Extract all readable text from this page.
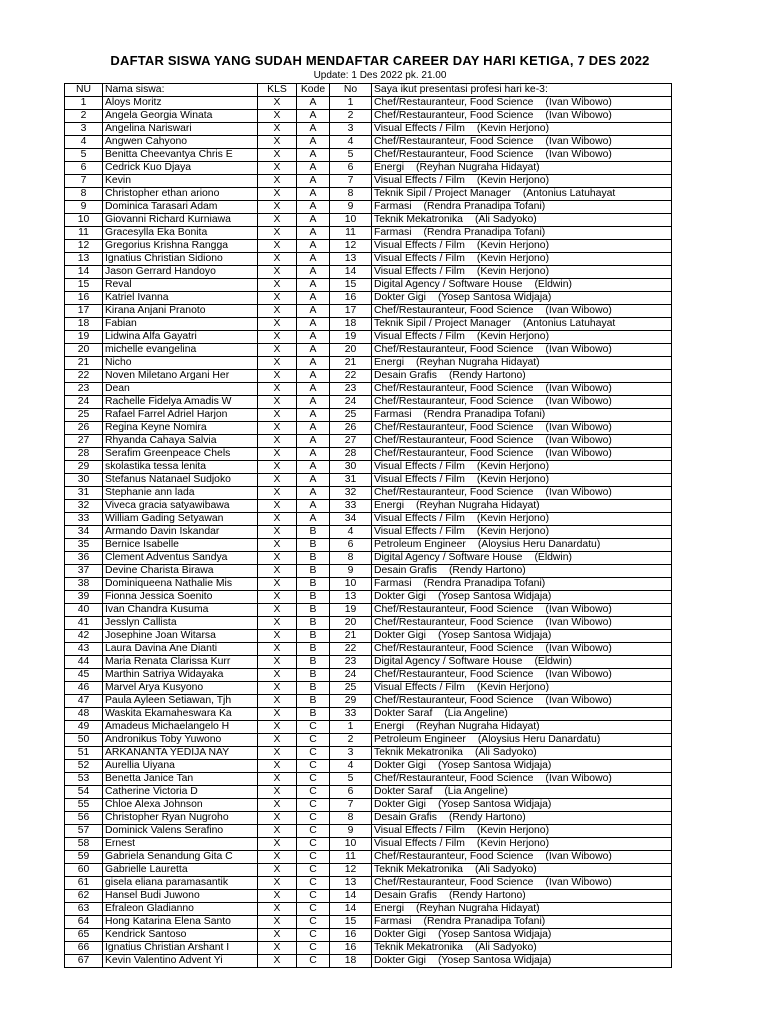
DAFTAR SISWA YANG SUDAH MENDAFTAR CAREER DAY HARI KETIGA, 7 DES 2022
Update: 1 Des 2022 pk. 21.00
NU	Nama siswa:	KLS	Kode	No	Saya ikut presentasi profesi hari ke-3:
1	Aloys Moritz	X	A	1	Chef/Restauranteur, Food Science (Ivan Wibowo)
2	Angela Georgia Winata	X	A	2	Chef/Restauranteur, Food Science (Ivan Wibowo)
3	Angelina Nariswari	X	A	3	Visual Effects / Film (Kevin Herjono)
4	Angwen Cahyono	X	A	4	Chef/Restauranteur, Food Science (Ivan Wibowo)
5	Benitta Cheevantya Chris E	X	A	5	Chef/Restauranteur, Food Science (Ivan Wibowo)
6	Cedrick Kuo Djaya	X	A	6	Energi (Reyhan Nugraha Hidayat)
7	Kevin	X	A	7	Visual Effects / Film (Kevin Herjono)
8	Christopher ethan ariono	X	A	8	Teknik Sipil / Project Manager (Antonius Latuhayat
9	Dominica Tarasari Adam	X	A	9	Farmasi (Rendra Pranadipa Tofani)
10	Giovanni Richard Kurniawa	X	A	10	Teknik Mekatronika (Ali Sadyoko)
11	Gracesylla Eka Bonita	X	A	11	Farmasi (Rendra Pranadipa Tofani)
12	Gregorius Krishna Rangga	X	A	12	Visual Effects / Film (Kevin Herjono)
13	Ignatius Christian Sidiono	X	A	13	Visual Effects / Film (Kevin Herjono)
14	Jason Gerrard Handoyo	X	A	14	Visual Effects / Film (Kevin Herjono)
15	Reval	X	A	15	Digital Agency / Software House (Eldwin)
16	Katriel Ivanna	X	A	16	Dokter Gigi (Yosep Santosa Widjaja)
17	Kirana Anjani Pranoto	X	A	17	Chef/Restauranteur, Food Science (Ivan Wibowo)
18	Fabian	X	A	18	Teknik Sipil / Project Manager (Antonius Latuhayat
19	Lidwina Alfa Gayatri	X	A	19	Visual Effects / Film (Kevin Herjono)
20	michelle evangelina	X	A	20	Chef/Restauranteur, Food Science (Ivan Wibowo)
21	Nicho	X	A	21	Energi (Reyhan Nugraha Hidayat)
22	Noven Miletano Argani Her	X	A	22	Desain Grafis (Rendy Hartono)
23	Dean	X	A	23	Chef/Restauranteur, Food Science (Ivan Wibowo)
24	Rachelle Fidelya Amadis W	X	A	24	Chef/Restauranteur, Food Science (Ivan Wibowo)
25	Rafael Farrel Adriel Harjon	X	A	25	Farmasi (Rendra Pranadipa Tofani)
26	Regina Keyne Nomira	X	A	26	Chef/Restauranteur, Food Science (Ivan Wibowo)
27	Rhyanda Cahaya Salvia	X	A	27	Chef/Restauranteur, Food Science (Ivan Wibowo)
28	Serafim Greenpeace Chels	X	A	28	Chef/Restauranteur, Food Science (Ivan Wibowo)
29	skolastika tessa lenita	X	A	30	Visual Effects / Film (Kevin Herjono)
30	Stefanus Natanael Sudjoko	X	A	31	Visual Effects / Film (Kevin Herjono)
31	Stephanie ann lada	X	A	32	Chef/Restauranteur, Food Science (Ivan Wibowo)
32	Viveca gracia satyawibawa	X	A	33	Energi (Reyhan Nugraha Hidayat)
33	William Gading Setyawan	X	A	34	Visual Effects / Film (Kevin Herjono)
34	Armando Davin Iskandar	X	B	4	Visual Effects / Film (Kevin Herjono)
35	Bernice Isabelle	X	B	6	Petroleum Engineer (Aloysius Heru Danardatu)
36	Clement Adventus Sandya	X	B	8	Digital Agency / Software House (Eldwin)
37	Devine Charista Birawa	X	B	9	Desain Grafis (Rendy Hartono)
38	Dominiqueena Nathalie Mis	X	B	10	Farmasi (Rendra Pranadipa Tofani)
39	Fionna Jessica Soenito	X	B	13	Dokter Gigi (Yosep Santosa Widjaja)
40	Ivan Chandra Kusuma	X	B	19	Chef/Restauranteur, Food Science (Ivan Wibowo)
41	Jesslyn Callista	X	B	20	Chef/Restauranteur, Food Science (Ivan Wibowo)
42	Josephine Joan Witarsa	X	B	21	Dokter Gigi (Yosep Santosa Widjaja)
43	Laura Davina Ane Dianti	X	B	22	Chef/Restauranteur, Food Science (Ivan Wibowo)
44	Maria Renata Clarissa Kurr	X	B	23	Digital Agency / Software House (Eldwin)
45	Marthin Satriya Widayaka	X	B	24	Chef/Restauranteur, Food Science (Ivan Wibowo)
46	Marvel Arya Kusyono	X	B	25	Visual Effects / Film (Kevin Herjono)
47	Paula Ayleen Setiawan, Tjh	X	B	29	Chef/Restauranteur, Food Science (Ivan Wibowo)
48	Waskita Ekamaheswara Ka	X	B	33	Dokter Saraf (Lia Angeline)
49	Amadeus Michaelangelo H	X	C	1	Energi (Reyhan Nugraha Hidayat)
50	Andronikus Toby Yuwono	X	C	2	Petroleum Engineer (Aloysius Heru Danardatu)
51	ARKANANTA YEDIJA NAY	X	C	3	Teknik Mekatronika (Ali Sadyoko)
52	Aurellia Uiyana	X	C	4	Dokter Gigi (Yosep Santosa Widjaja)
53	Benetta Janice Tan	X	C	5	Chef/Restauranteur, Food Science (Ivan Wibowo)
54	Catherine Victoria D	X	C	6	Dokter Saraf (Lia Angeline)
55	Chloe Alexa Johnson	X	C	7	Dokter Gigi (Yosep Santosa Widjaja)
56	Christopher Ryan Nugroho	X	C	8	Desain Grafis (Rendy Hartono)
57	Dominick Valens Serafino	X	C	9	Visual Effects / Film (Kevin Herjono)
58	Ernest	X	C	10	Visual Effects / Film (Kevin Herjono)
59	Gabriela Senandung Gita C	X	C	11	Chef/Restauranteur, Food Science (Ivan Wibowo)
60	Gabrielle Lauretta	X	C	12	Teknik Mekatronika (Ali Sadyoko)
61	gisela eliana paramasantik	X	C	13	Chef/Restauranteur, Food Science (Ivan Wibowo)
62	Hansel Budi Juwono	X	C	14	Desain Grafis (Rendy Hartono)
63	Efraleon Gladianno	X	C	14	Energi (Reyhan Nugraha Hidayat)
64	Hong Katarina Elena Santo	X	C	15	Farmasi (Rendra Pranadipa Tofani)
65	Kendrick Santoso	X	C	16	Dokter Gigi (Yosep Santosa Widjaja)
66	Ignatius Christian Arshant I	X	C	16	Teknik Mekatronika (Ali Sadyoko)
67	Kevin Valentino Advent Yi	X	C	18	Dokter Gigi (Yosep Santosa Widjaja)
